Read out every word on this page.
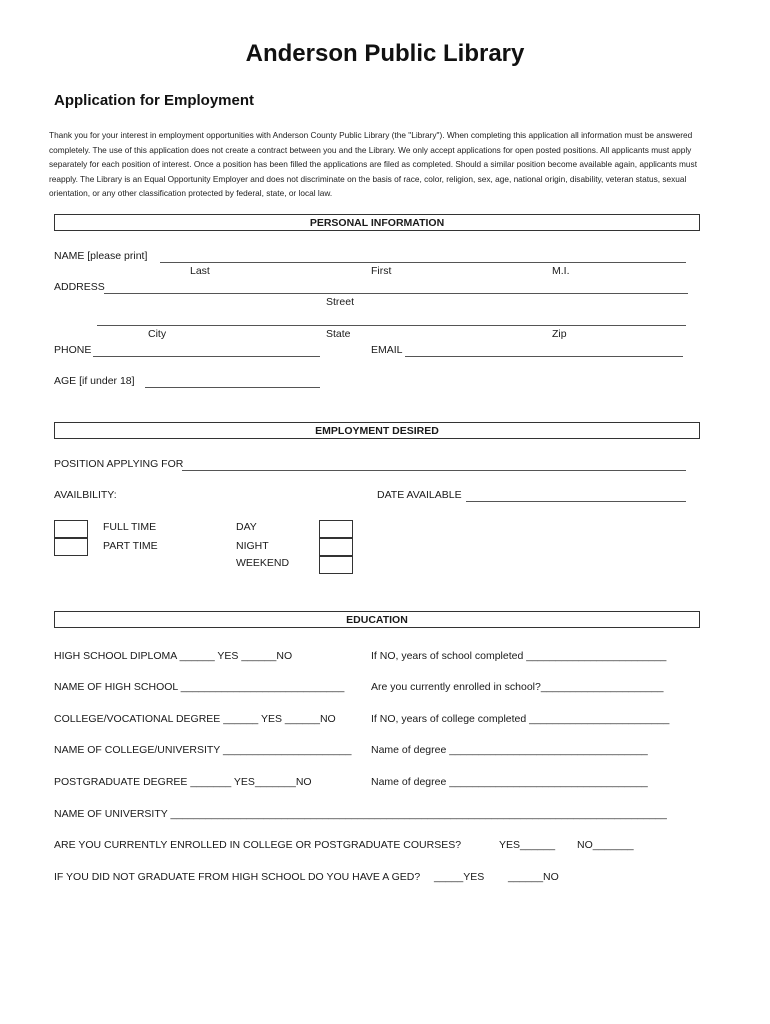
Anderson Public Library
Application for Employment
Thank you for your interest in employment opportunities with Anderson County Public Library (the "Library"). When completing this application all information must be answered completely. The use of this application does not create a contract between you and the Library. We only accept applications for open posted positions. All applicants must apply separately for each position of interest. Once a position has been filled the applications are filed as completed. Should a similar position become available again, applicants must reapply. The Library is an Equal Opportunity Employer and does not discriminate on the basis of race, color, religion, sex, age, national origin, disability, veteran status, sexual orientation, or any other classification protected by federal, state, or local law.
PERSONAL INFORMATION
NAME [please print]
Last	First	M.I.
ADDRESS
Street
City	State	Zip
PHONE	EMAIL
AGE [if under 18]
EMPLOYMENT DESIRED
POSITION APPLYING FOR
AVAILBILITY:	DATE AVAILABLE
FULL TIME
PART TIME
DAY
NIGHT
WEEKEND
EDUCATION
HIGH SCHOOL DIPLOMA ______ YES ______NO	If NO, years of school completed ________________________
NAME OF HIGH SCHOOL ____________________________	Are you currently enrolled in school?_____________________
COLLEGE/VOCATIONAL DEGREE ______ YES ______NO	If NO, years of college completed ________________________
NAME OF COLLEGE/UNIVERSITY ______________________ Name of degree __________________________________
POSTGRADUATE DEGREE _______ YES_______NO	Name of degree __________________________________
NAME OF UNIVERSITY _____________________________________________________________________________________
ARE YOU CURRENTLY ENROLLED IN COLLEGE OR POSTGRADUATE COURSES?	YES______ NO_______
IF YOU DID NOT GRADUATE FROM HIGH SCHOOL DO YOU HAVE A GED? _____YES ______NO
